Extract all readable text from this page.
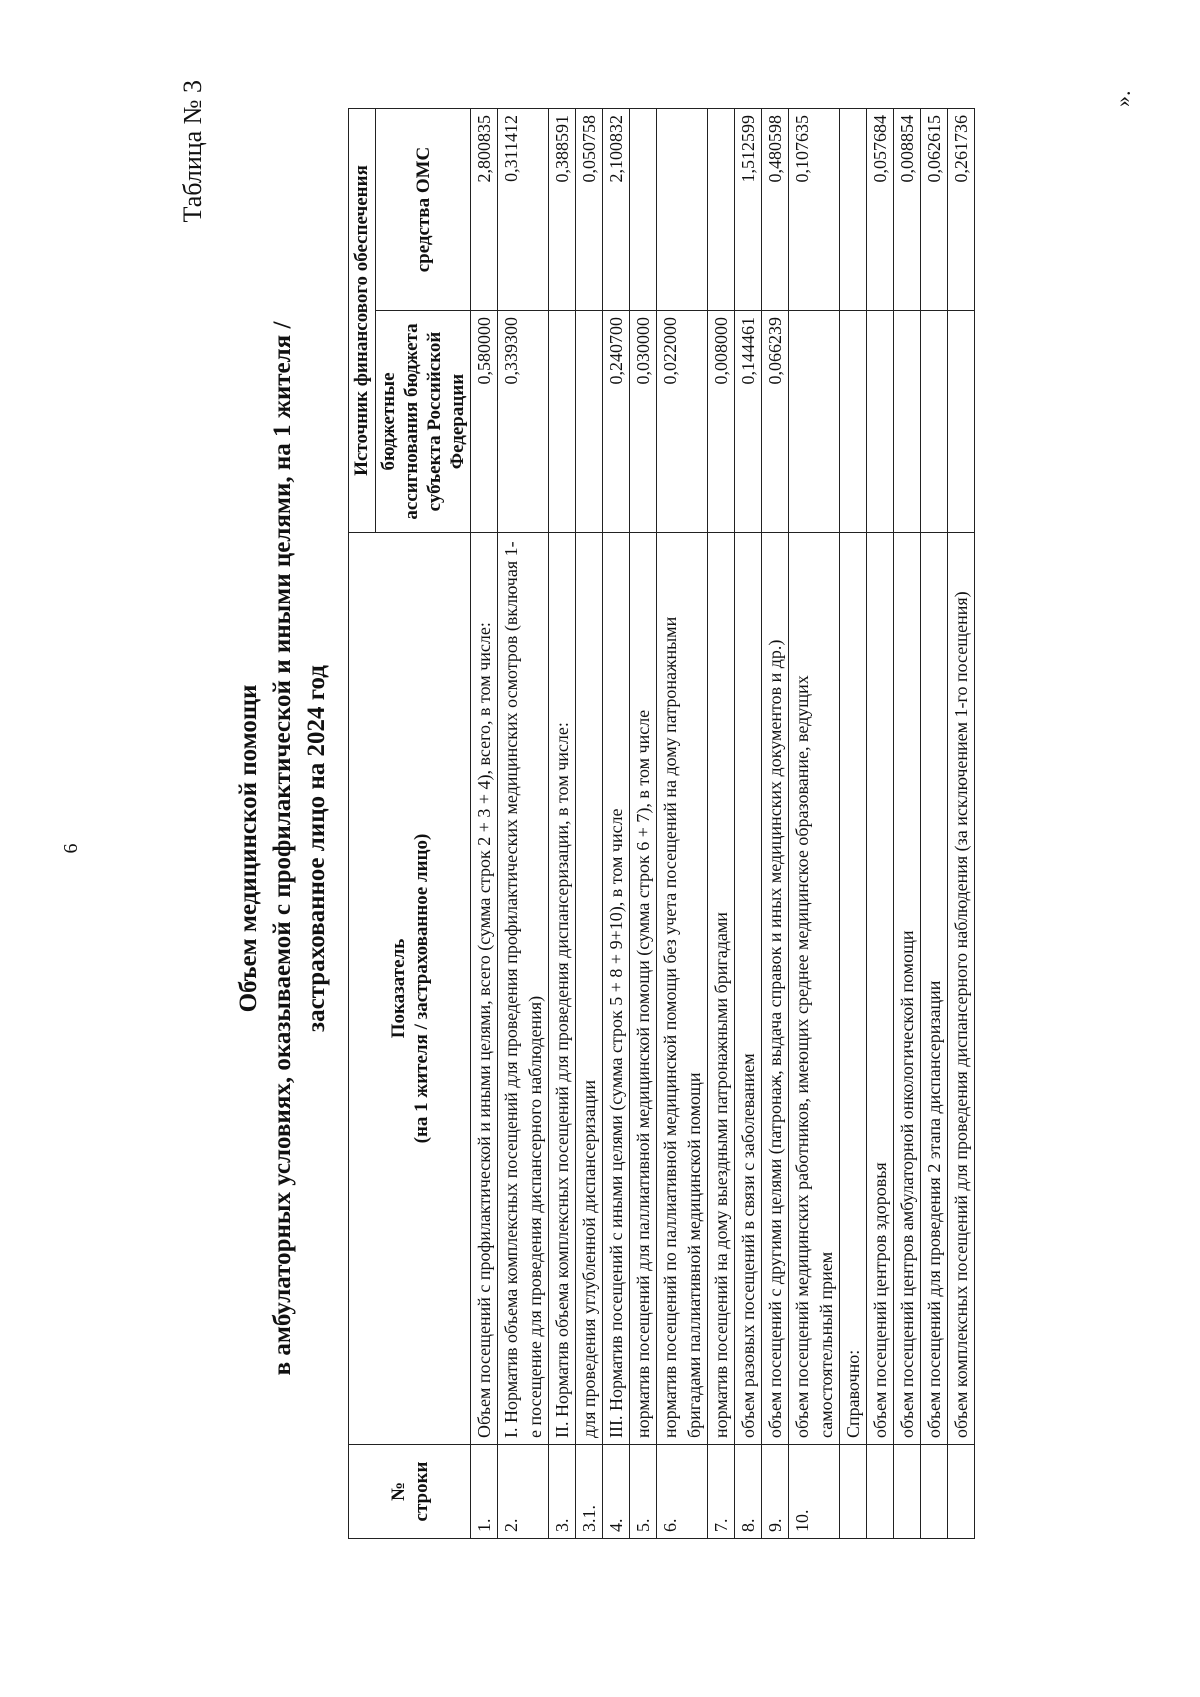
6
Таблица № 3
Объем медицинской помощи в амбулаторных условиях, оказываемой с профилактической и иными целями, на 1 жителя / застрахованное лицо на 2024 год
№ строки	Показатель (на 1 жителя / застрахованное лицо)	Источник финансового обеспечения	
		бюджетные ассигнования бюджета субъекта Российской Федерации	средства ОМС
1.	Объем посещений с профилактической и иными целями, всего (сумма строк 2 + 3 + 4), всего, в том числе:	0,580000	2,800835
2.	I. Норматив объема комплексных посещений для проведения профилактических медицинских осмотров (включая 1-е посещение для проведения диспансерного наблюдения)	0,339300	0,311412
3.	II. Норматив объема комплексных посещений для проведения диспансеризации, в том числе:		0,388591
3.1.	для проведения углубленной диспансеризации		0,050758
4.	III. Норматив посещений с иными целями (сумма строк 5 + 8 + 9+10), в том числе	0,240700	2,100832
5.	норматив посещений для паллиативной медицинской помощи (сумма строк 6 + 7), в том числе	0,030000	
6.	норматив посещений по паллиативной медицинской помощи без учета посещений на дому патронажными бригадами паллиативной медицинской помощи	0,022000	
7.	норматив посещений на дому выездными патронажными бригадами	0,008000	
8.	объем разовых посещений в связи с заболеванием	0,144461	1,512599
9.	объем посещений с другими целями (патронаж, выдача справок и иных медицинских документов и др.)	0,066239	0,480598
10.	объем посещений медицинских работников, имеющих среднее медицинское образование, ведущих самостоятельный прием		0,107635
	Справочно:		
	объем посещений центров здоровья		0,057684
	объем посещений центров амбулаторной онкологической помощи		0,008854
	объем посещений для проведения 2 этапа диспансеризации		0,062615
	объем комплексных посещений для проведения диспансерного наблюдения (за исключением 1-го посещения)		0,261736
».
